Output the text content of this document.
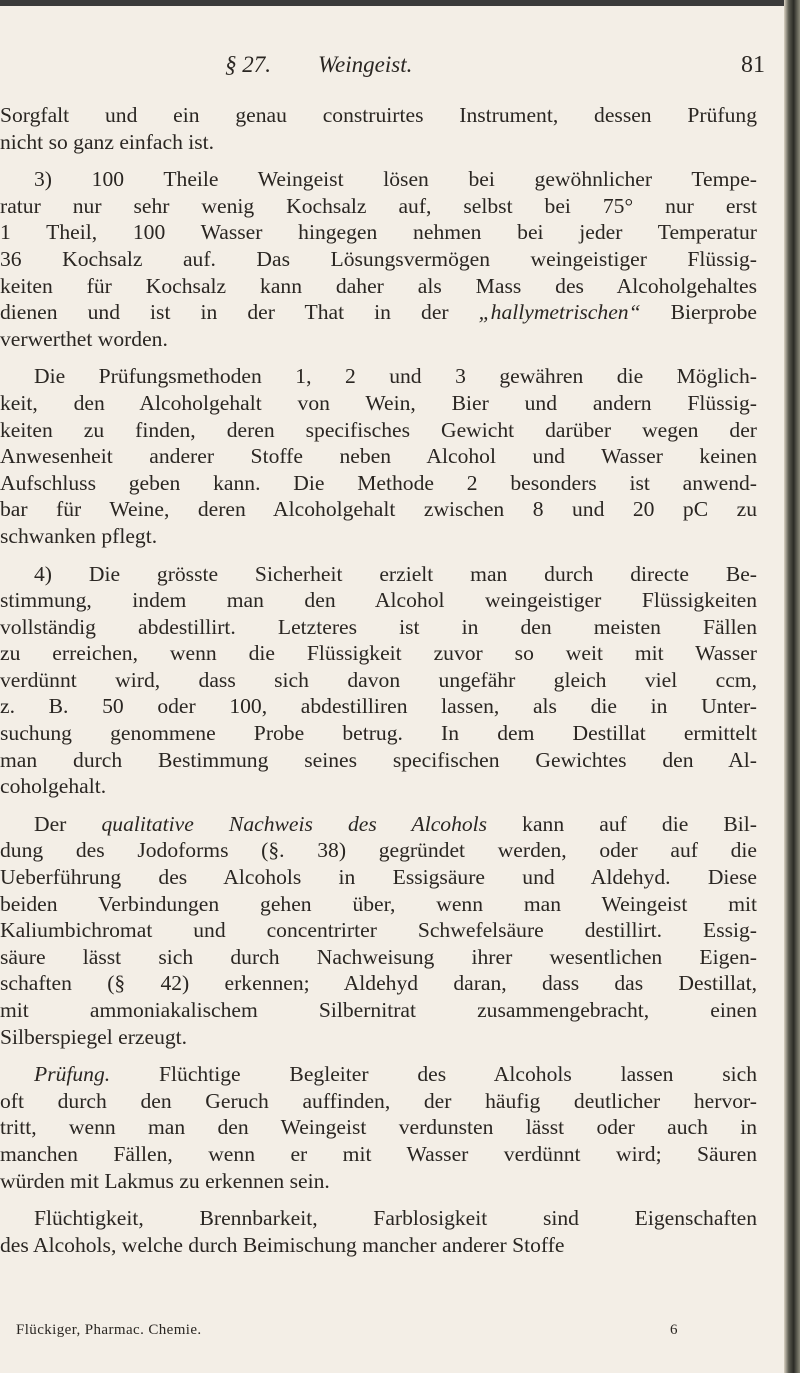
§ 27. Weingeist.	81
Sorgfalt und ein genau construirtes Instrument, dessen Prüfung
nicht so ganz einfach ist.
3) 100 Theile Weingeist lösen bei gewöhnlicher Tempe-
ratur nur sehr wenig Kochsalz auf, selbst bei 75° nur erst
1 Theil, 100 Wasser hingegen nehmen bei jeder Temperatur
36 Kochsalz auf. Das Lösungsvermögen weingeistiger Flüssig-
keiten für Kochsalz kann daher als Mass des Alcoholgehaltes
dienen und ist in der That in der „hallymetrischen“ Bierprobe
verwerthet worden.
Die Prüfungsmethoden 1, 2 und 3 gewähren die Möglich-
keit, den Alcoholgehalt von Wein, Bier und andern Flüssig-
keiten zu finden, deren specifisches Gewicht darüber wegen der
Anwesenheit anderer Stoffe neben Alcohol und Wasser keinen
Aufschluss geben kann. Die Methode 2 besonders ist anwend-
bar für Weine, deren Alcoholgehalt zwischen 8 und 20 pC zu
schwanken pflegt.
4) Die grösste Sicherheit erzielt man durch directe Be-
stimmung, indem man den Alcohol weingeistiger Flüssigkeiten
vollständig abdestillirt. Letzteres ist in den meisten Fällen
zu erreichen, wenn die Flüssigkeit zuvor so weit mit Wasser
verdünnt wird, dass sich davon ungefähr gleich viel ccm,
z. B. 50 oder 100, abdestilliren lassen, als die in Unter-
suchung genommene Probe betrug. In dem Destillat ermittelt
man durch Bestimmung seines specifischen Gewichtes den Al-
coholgehalt.
Der qualitative Nachweis des Alcohols kann auf die Bil-
dung des Jodoforms (§. 38) gegründet werden, oder auf die
Ueberführung des Alcohols in Essigsäure und Aldehyd. Diese
beiden Verbindungen gehen über, wenn man Weingeist mit
Kaliumbichromat und concentrirter Schwefelsäure destillirt. Essig-
säure lässt sich durch Nachweisung ihrer wesentlichen Eigen-
schaften (§ 42) erkennen; Aldehyd daran, dass das Destillat,
mit ammoniakalischem Silbernitrat zusammengebracht, einen
Silberspiegel erzeugt.
Prüfung. Flüchtige Begleiter des Alcohols lassen sich
oft durch den Geruch auffinden, der häufig deutlicher hervor-
tritt, wenn man den Weingeist verdunsten lässt oder auch in
manchen Fällen, wenn er mit Wasser verdünnt wird; Säuren
würden mit Lakmus zu erkennen sein.
Flüchtigkeit, Brennbarkeit, Farblosigkeit sind Eigenschaften
des Alcohols, welche durch Beimischung mancher anderer Stoffe
Flückiger, Pharmac. Chemie.	6
